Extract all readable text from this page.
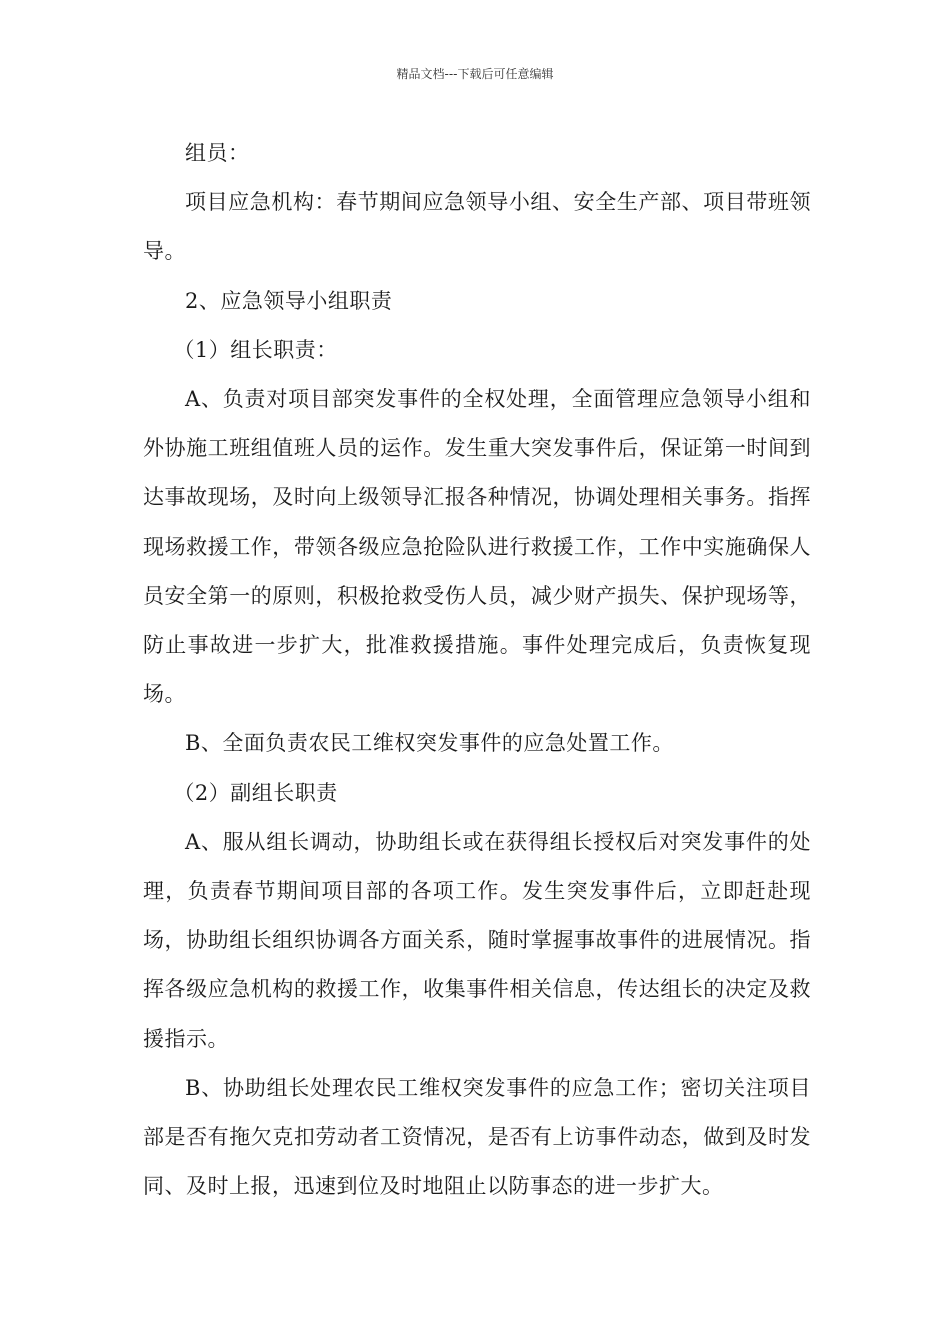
精品文档---下载后可任意编辑

组员：

项目应急机构：春节期间应急领导小组、安全生产部、项目带班领导。

2、应急领导小组职责

（1）组长职责：

A、负责对项目部突发事件的全权处理，全面管理应急领导小组和外协施工班组值班人员的运作。发生重大突发事件后，保证第一时间到达事故现场，及时向上级领导汇报各种情况，协调处理相关事务。指挥现场救援工作，带领各级应急抢险队进行救援工作，工作中实施确保人员安全第一的原则，积极抢救受伤人员，减少财产损失、保护现场等，防止事故进一步扩大，批准救援措施。事件处理完成后，负责恢复现场。

B、全面负责农民工维权突发事件的应急处置工作。

（2）副组长职责

A、服从组长调动，协助组长或在获得组长授权后对突发事件的处理，负责春节期间项目部的各项工作。发生突发事件后，立即赶赴现场，协助组长组织协调各方面关系，随时掌握事故事件的进展情况。指挥各级应急机构的救援工作，收集事件相关信息，传达组长的决定及救援指示。

B、协助组长处理农民工维权突发事件的应急工作；密切关注项目部是否有拖欠克扣劳动者工资情况，是否有上访事件动态，做到及时发同、及时上报，迅速到位及时地阻止以防事态的进一步扩大。
